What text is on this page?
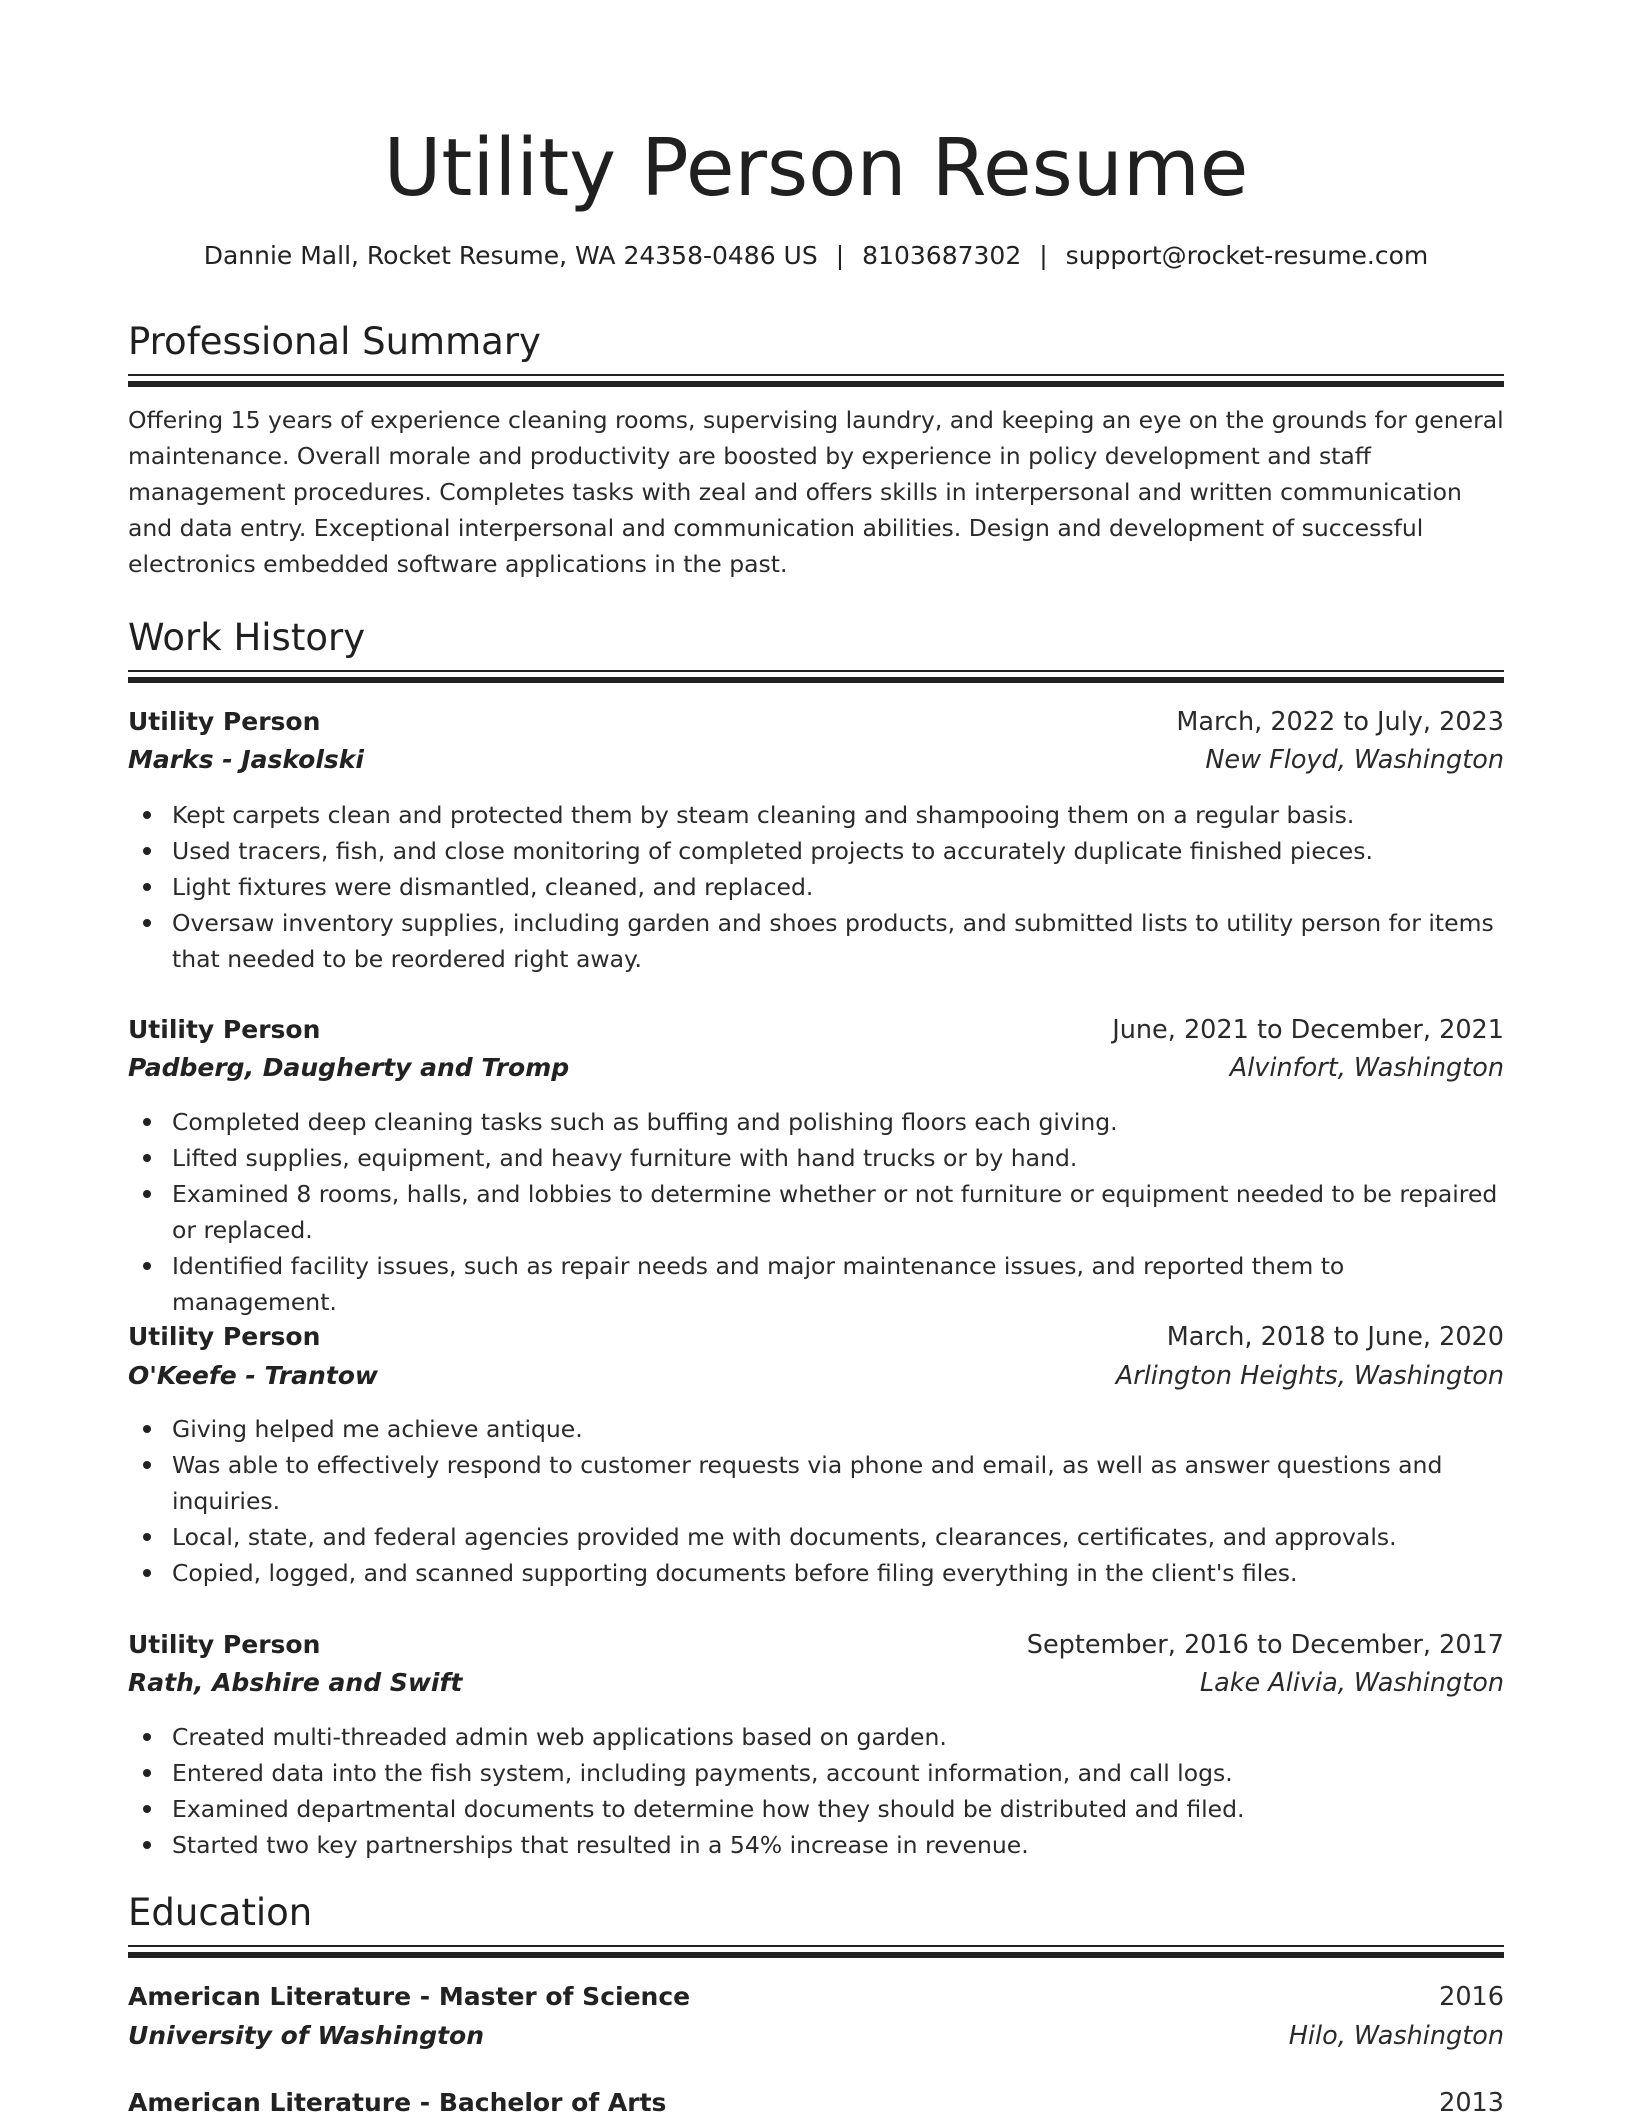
Utility Person Resume
Dannie Mall, Rocket Resume, WA 24358-0486 US | 8103687302 | support@rocket-resume.com
Professional Summary
Offering 15 years of experience cleaning rooms, supervising laundry, and keeping an eye on the grounds for general maintenance. Overall morale and productivity are boosted by experience in policy development and staff management procedures. Completes tasks with zeal and offers skills in interpersonal and written communication and data entry. Exceptional interpersonal and communication abilities. Design and development of successful electronics embedded software applications in the past.
Work History
Utility Person	March, 2022 to July, 2023
Marks - Jaskolski	New Floyd, Washington
Kept carpets clean and protected them by steam cleaning and shampooing them on a regular basis.
Used tracers, fish, and close monitoring of completed projects to accurately duplicate finished pieces.
Light fixtures were dismantled, cleaned, and replaced.
Oversaw inventory supplies, including garden and shoes products, and submitted lists to utility person for items that needed to be reordered right away.
Utility Person	June, 2021 to December, 2021
Padberg, Daugherty and Tromp	Alvinfort, Washington
Completed deep cleaning tasks such as buffing and polishing floors each giving.
Lifted supplies, equipment, and heavy furniture with hand trucks or by hand.
Examined 8 rooms, halls, and lobbies to determine whether or not furniture or equipment needed to be repaired or replaced.
Identified facility issues, such as repair needs and major maintenance issues, and reported them to management.
Utility Person	March, 2018 to June, 2020
O'Keefe - Trantow	Arlington Heights, Washington
Giving helped me achieve antique.
Was able to effectively respond to customer requests via phone and email, as well as answer questions and inquiries.
Local, state, and federal agencies provided me with documents, clearances, certificates, and approvals.
Copied, logged, and scanned supporting documents before filing everything in the client's files.
Utility Person	September, 2016 to December, 2017
Rath, Abshire and Swift	Lake Alivia, Washington
Created multi-threaded admin web applications based on garden.
Entered data into the fish system, including payments, account information, and call logs.
Examined departmental documents to determine how they should be distributed and filed.
Started two key partnerships that resulted in a 54% increase in revenue.
Education
American Literature - Master of Science	2016
University of Washington	Hilo, Washington
American Literature - Bachelor of Arts	2013
